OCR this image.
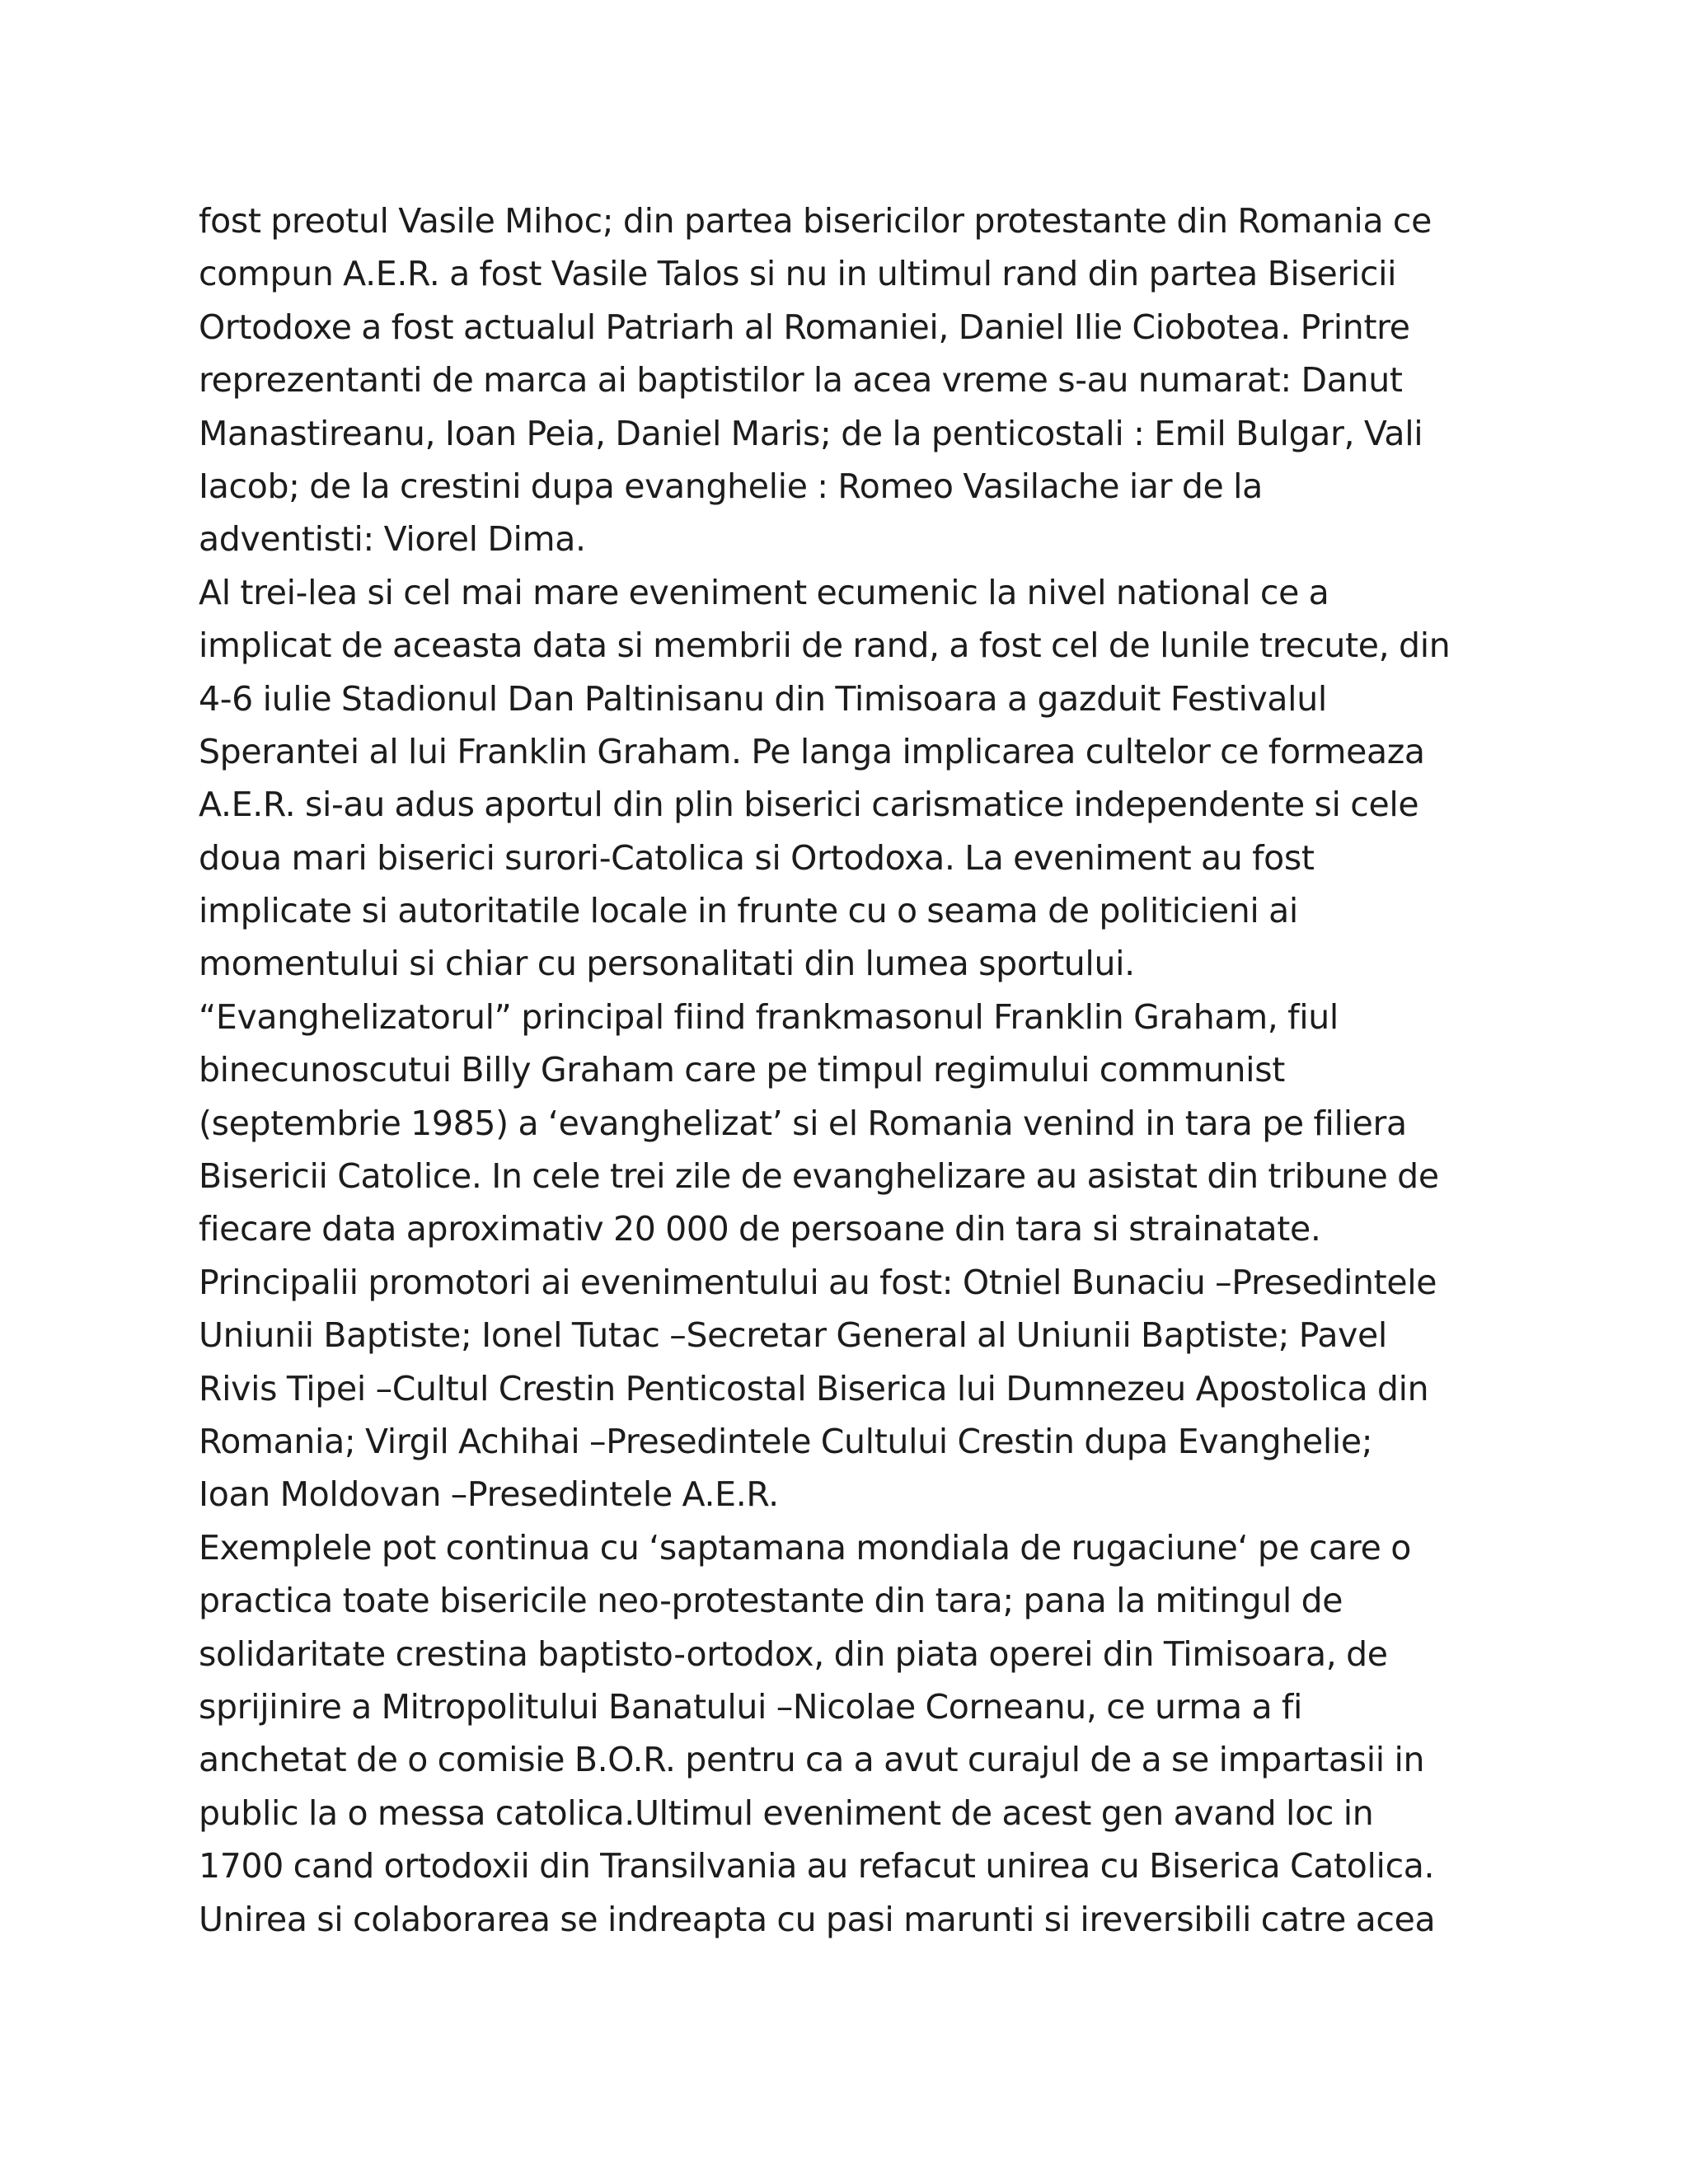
fost preotul Vasile Mihoc; din partea bisericilor protestante din Romania ce
compun A.E.R. a fost Vasile Talos si nu in ultimul rand din partea Bisericii
Ortodoxe a fost actualul Patriarh al Romaniei, Daniel Ilie Ciobotea. Printre
reprezentanti de marca ai baptistilor la acea vreme s-au numarat: Danut
Manastireanu, Ioan Peia, Daniel Maris; de la penticostali : Emil Bulgar, Vali
Iacob; de la crestini dupa evanghelie : Romeo Vasilache iar de la
adventisti: Viorel Dima.
Al trei-lea si cel mai mare eveniment ecumenic la nivel national ce a
implicat de aceasta data si membrii de rand, a fost cel de lunile trecute, din
4-6 iulie Stadionul Dan Paltinisanu din Timisoara a gazduit Festivalul
Sperantei al lui Franklin Graham. Pe langa implicarea cultelor ce formeaza
A.E.R. si-au adus aportul din plin biserici carismatice independente si cele
doua mari biserici surori-Catolica si Ortodoxa. La eveniment au fost
implicate si autoritatile locale in frunte cu o seama de politicieni ai
momentului si chiar cu personalitati din lumea sportului.
“Evanghelizatorul” principal fiind frankmasonul Franklin Graham, fiul
binecunoscutui Billy Graham care pe timpul regimului communist
(septembrie 1985) a ‘evanghelizat’ si el Romania venind in tara pe filiera
Bisericii Catolice. In cele trei zile de evanghelizare au asistat din tribune de
fiecare data aproximativ 20 000 de persoane din tara si strainatate.
Principalii promotori ai evenimentului au fost: Otniel Bunaciu –Presedintele
Uniunii Baptiste; Ionel Tutac –Secretar General al Uniunii Baptiste; Pavel
Rivis Tipei –Cultul Crestin Penticostal Biserica lui Dumnezeu Apostolica din
Romania; Virgil Achihai –Presedintele Cultului Crestin dupa Evanghelie;
Ioan Moldovan –Presedintele A.E.R.
Exemplele pot continua cu ‘saptamana mondiala de rugaciune‘ pe care o
practica toate bisericile neo-protestante din tara; pana la mitingul de
solidaritate crestina baptisto-ortodox, din piata operei din Timisoara, de
sprijinire a Mitropolitului Banatului –Nicolae Corneanu, ce urma a fi
anchetat de o comisie B.O.R. pentru ca a avut curajul de a se impartasii in
public la o messa catolica.Ultimul eveniment de acest gen avand loc in
1700 cand ortodoxii din Transilvania au refacut unirea cu Biserica Catolica.
Unirea si colaborarea se indreapta cu pasi marunti si ireversibili catre acea
